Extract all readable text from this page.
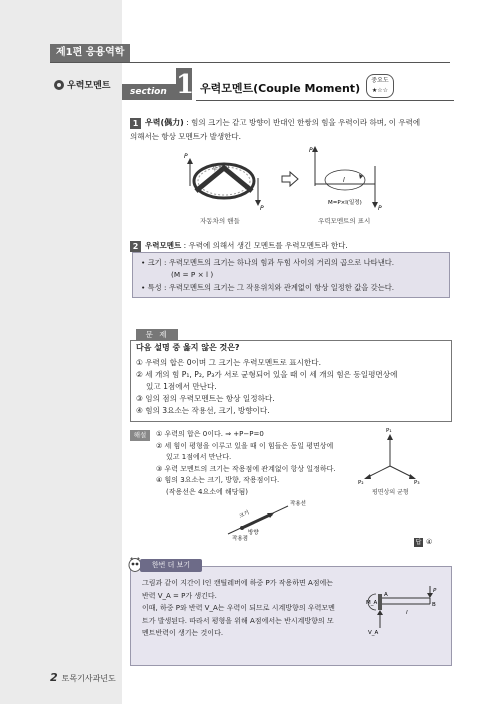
제1편 응용역학
우력모멘트
section 1 우력모멘트(Couple Moment)
중요도
★☆☆
1 우력(偶力) : 힘의 크기는 같고 방향이 반대인 한쌍의 힘을 우력이라 하며, 이 우력에
의해서는 항상 모멘트가 발생한다.
우회전
P
P
자동차의 핸들
P
P
l
M=P×l(일정)
우력모멘트의 표시
2 우력모멘트 : 우력에 의해서 생긴 모멘트를 우력모멘트라 한다.
• 크기 : 우력모멘트의 크기는 하나의 힘과 두힘 사이의 거리의 곱으로 나타낸다.
(M = P × l )
• 특성 : 우력모멘트의 크기는 그 작용위치와 관계없이 항상 일정한 값을 갖는다.
문 제
다음 설명 중 옳지 않은 것은?
① 우력의 합은 0이며 그 크기는 우력모멘트로 표시한다.
② 세 개의 힘 P₁, P₂, P₃가 서로 균형되어 있을 때 이 세 개의 힘은 동일평면상에
있고 1점에서 만난다.
③ 임의 점의 우력모멘트는 항상 일정하다.
④ 힘의 3요소는 작용선, 크기, 방향이다.
해설	① 우력의 합은 0이다. ⇒ +P−P=0
② 세 힘이 평형을 이루고 있을 때 이 힘들은 동일 평면상에
있고 1점에서 만난다.
③ 우력 모멘트의 크기는 작용점에 관계없이 항상 일정하다.
④ 힘의 3요소는 크기, 방향, 작용점이다.
(작용선은 4요소에 해당됨)
P₁
P₂	P₃
평면상의 균형
크기
작용선
방향
작용점	답 ④
한번 더 보기
그림과 같이 지간이 l인 캔틸레버에 하중 P가 작용하면 A점에는
반력 V_A = P가 생긴다.
이때, 하중 P와 반력 V_A는 우력이 되므로 시계방향의 우력모멘
트가 발생된다. 따라서 평형을 위해 A점에서는 반시계방향의 모
멘트반력이 생기는 것이다.
M_A
A
B
P
V_A
l
2 토목기사과년도
